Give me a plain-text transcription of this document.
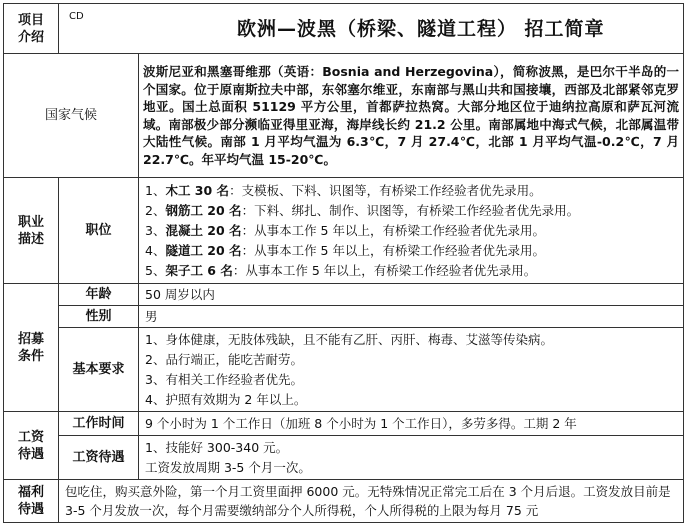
项目介绍	CD	欧洲—波黑（桥梁、隧道工程） 招工简章
国家气候		波斯尼亚和黑塞哥维那（英语：Bosnia and Herzegovina），简称波黑，是巴尔干半岛的一个国家。位于原南斯拉夫中部，东邻塞尔维亚，东南部与黑山共和国接壤，西部及北部紧邻克罗地亚。国土总面积 51129 平方公里，首都萨拉热窝。大部分地区位于迪纳拉高原和萨瓦河流域。南部极少部分濒临亚得里亚海，海岸线长约 21.2 公里。南部属地中海式气候，北部属温带大陆性气候。南部 1 月平均气温为 6.3℃，7 月 27.4℃，北部 1 月平均气温-0.2℃，7 月 22.7℃。年平均气温 15-20℃。
职业描述	职位	1、木工 30 名：支模板、下料、识图等，有桥梁工作经验者优先录用。
2、钢筋工 20 名：下料、绑扎、制作、识图等，有桥梁工作经验者优先录用。
3、混凝土 20 名：从事本工作 5 年以上，有桥梁工作经验者优先录用。
4、隧道工 20 名：从事本工作 5 年以上，有桥梁工作经验者优先录用。
5、架子工 6 名：从事本工作 5 年以上，有桥梁工作经验者优先录用。

招募条件	年龄	50 周岁以内
	性别	男
	基本要求	1、身体健康，无肢体残缺，且不能有乙肝、丙肝、梅毒、艾滋等传染病。
2、品行端正，能吃苦耐劳。
3、有相关工作经验者优先。
4、护照有效期为 2 年以上。

工资待遇	工作时间	9 个小时为 1 个工作日（加班 8 个小时为 1 个工作日），多劳多得。工期 2 年
	工资待遇	1、技能好 300-340 元。
工资发放周期 3-5 个月一次。

福利待遇	包吃住，购买意外险，第一个月工资里面押 6000 元。无特殊情况正常完工后在 3 个月后退。工资发放目前是 3-5 个月发放一次，每个月需要缴纳部分个人所得税，个人所得税的上限为每月 75 元	
